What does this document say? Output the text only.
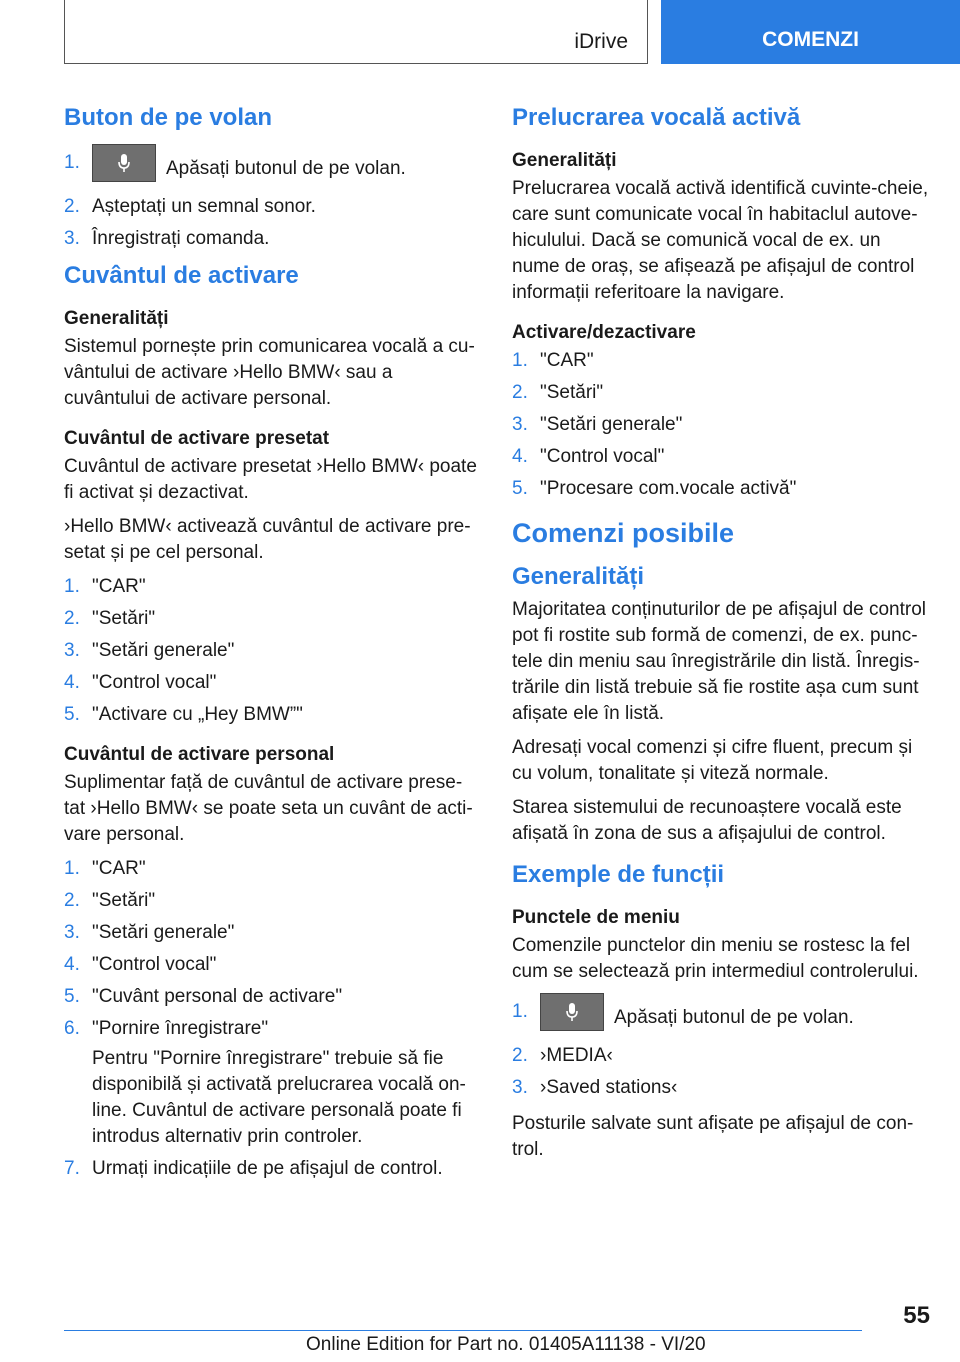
iDrive	COMENZI
Buton de pe volan
1.	Apăsați butonul de pe volan.
2. Așteptați un semnal sonor.
3. Înregistrați comanda.
Cuvântul de activare
Generalități

Sistemul pornește prin comunicarea vocală a cu-vântului de activare ›Hello BMW‹ sau a cuvântului de activare personal.

Cuvântul de activare presetat

Cuvântul de activare presetat ›Hello BMW‹ poate fi activat și dezactivat.

›Hello BMW‹ activează cuvântul de activare pre-setat și pe cel personal.

1. "CAR"
2. "Setări"
3. "Setări generale"
4. "Control vocal"
5. "Activare cu „Hey BMW”"
Cuvântul de activare personal

Suplimentar față de cuvântul de activare prese-tat ›Hello BMW‹ se poate seta un cuvânt de acti-vare personal.

1. "CAR"
2. "Setări"
3. "Setări generale"
4. "Control vocal"
5. "Cuvânt personal de activare"
6. "Pornire înregistrare"
Pentru "Pornire înregistrare" trebuie să fie disponibilă și activată prelucrarea vocală on-line. Cuvântul de activare personală poate fi introdus alternativ prin controler.
7. Urmați indicațiile de pe afișajul de control.
Prelucrarea vocală activă
Generalități

Prelucrarea vocală activă identifică cuvinte-cheie, care sunt comunicate vocal în habitaclul autove-hiculului. Dacă se comunică vocal de ex. un nume de oraș, se afișează pe afișajul de control informații referitoare la navigare.

Activare/dezactivare
1. "CAR"
2. "Setări"
3. "Setări generale"
4. "Control vocal"
5. "Procesare com.vocale activă"
Comenzi posibile
Generalități

Majoritatea conținuturilor de pe afișajul de control pot fi rostite sub formă de comenzi, de ex. punc-tele din meniu sau înregistrările din listă. Înregis-trările din listă trebuie să fie rostite așa cum sunt afișate ele în listă.

Adresați vocal comenzi și cifre fluent, precum și cu volum, tonalitate și viteză normale.

Starea sistemului de recunoaștere vocală este afișată în zona de sus a afișajului de control.

Exemple de funcții
Punctele de meniu

Comenzile punctelor din meniu se rostesc la fel cum se selectează prin intermediul controlerului.

1.	Apăsați butonul de pe volan.
2. ›MEDIA‹
3. ›Saved stations‹

Posturile salvate sunt afișate pe afișajul de con-trol.

55
Online Edition for Part no. 01405A11138 - VI/20
